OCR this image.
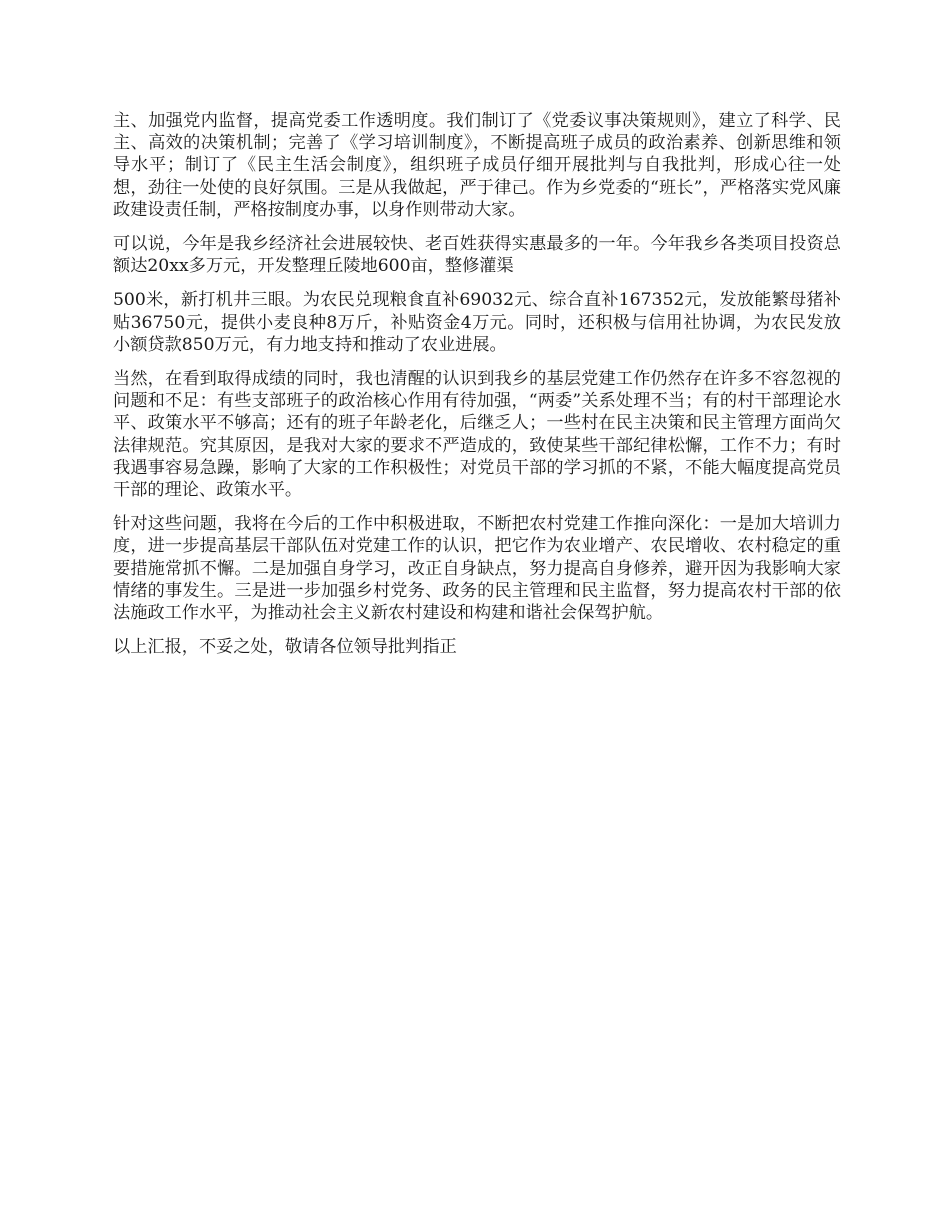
主、加强党内监督，提高党委工作透明度。我们制订了《党委议事决策规则》，建立了科学、民主、高效的决策机制；完善了《学习培训制度》，不断提高班子成员的政治素养、创新思维和领导水平；制订了《民主生活会制度》，组织班子成员仔细开展批判与自我批判，形成心往一处想，劲往一处使的良好氛围。三是从我做起，严于律己。作为乡党委的“班长”，严格落实党风廉政建设责任制，严格按制度办事，以身作则带动大家。

可以说，今年是我乡经济社会进展较快、老百姓获得实惠最多的一年。今年我乡各类项目投资总额达20xx多万元，开发整理丘陵地600亩，整修灌渠

500米，新打机井三眼。为农民兑现粮食直补69032元、综合直补167352元，发放能繁母猪补贴36750元，提供小麦良种8万斤，补贴资金4万元。同时，还积极与信用社协调，为农民发放小额贷款850万元，有力地支持和推动了农业进展。

当然，在看到取得成绩的同时，我也清醒的认识到我乡的基层党建工作仍然存在许多不容忽视的问题和不足：有些支部班子的政治核心作用有待加强，“两委”关系处理不当；有的村干部理论水平、政策水平不够高；还有的班子年龄老化，后继乏人；一些村在民主决策和民主管理方面尚欠法律规范。究其原因，是我对大家的要求不严造成的，致使某些干部纪律松懈，工作不力；有时我遇事容易急躁，影响了大家的工作积极性；对党员干部的学习抓的不紧，不能大幅度提高党员干部的理论、政策水平。

针对这些问题，我将在今后的工作中积极进取，不断把农村党建工作推向深化：一是加大培训力度，进一步提高基层干部队伍对党建工作的认识，把它作为农业增产、农民增收、农村稳定的重要措施常抓不懈。二是加强自身学习，改正自身缺点，努力提高自身修养，避开因为我影响大家情绪的事发生。三是进一步加强乡村党务、政务的民主管理和民主监督，努力提高农村干部的依法施政工作水平，为推动社会主义新农村建设和构建和谐社会保驾护航。

以上汇报，不妥之处，敬请各位领导批判指正
